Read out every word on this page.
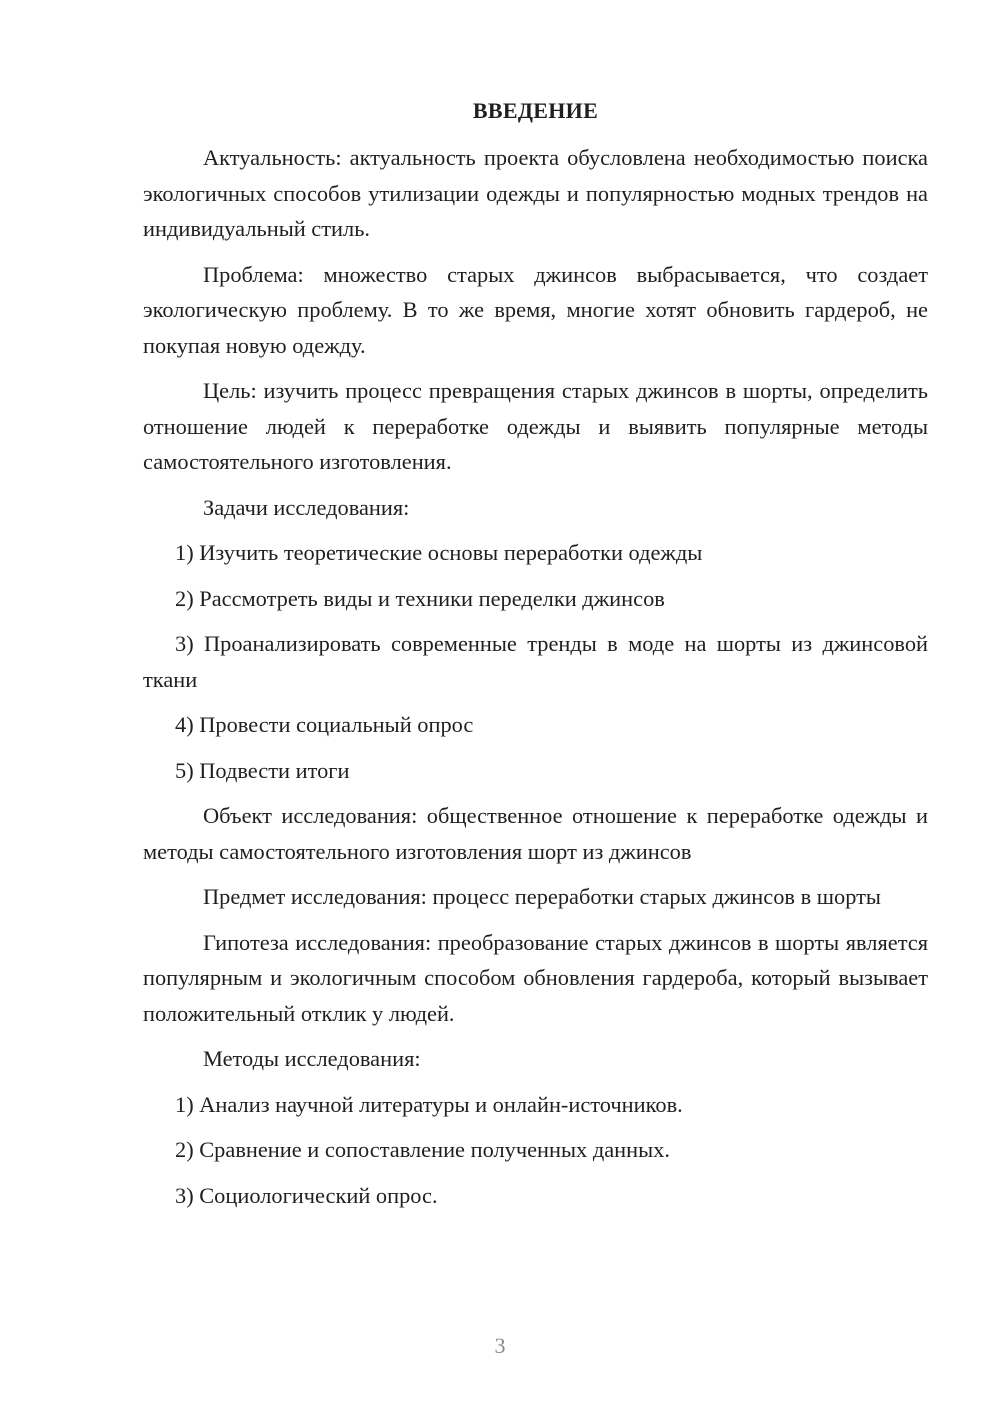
ВВЕДЕНИЕ

Актуальность: актуальность проекта обусловлена необходимостью поиска экологичных способов утилизации одежды и популярностью модных трендов на индивидуальный стиль.

Проблема: множество старых джинсов выбрасывается, что создает экологическую проблему. В то же время, многие хотят обновить гардероб, не покупая новую одежду.

Цель: изучить процесс превращения старых джинсов в шорты, определить отношение людей к переработке одежды и выявить популярные методы самостоятельного изготовления.

Задачи исследования:

1) Изучить теоретические основы переработки одежды

2) Рассмотреть виды и техники переделки джинсов

3) Проанализировать современные тренды в моде на шорты из джинсовой ткани

4) Провести социальный опрос

5) Подвести итоги

Объект исследования: общественное отношение к переработке одежды и методы самостоятельного изготовления шорт из джинсов

Предмет исследования: процесс переработки старых джинсов в шорты

Гипотеза исследования: преобразование старых джинсов в шорты является популярным и экологичным способом обновления гардероба, который вызывает положительный отклик у людей.

Методы исследования:

1) Анализ научной литературы и онлайн-источников.

2) Сравнение и сопоставление полученных данных.

3) Социологический опрос.

3
